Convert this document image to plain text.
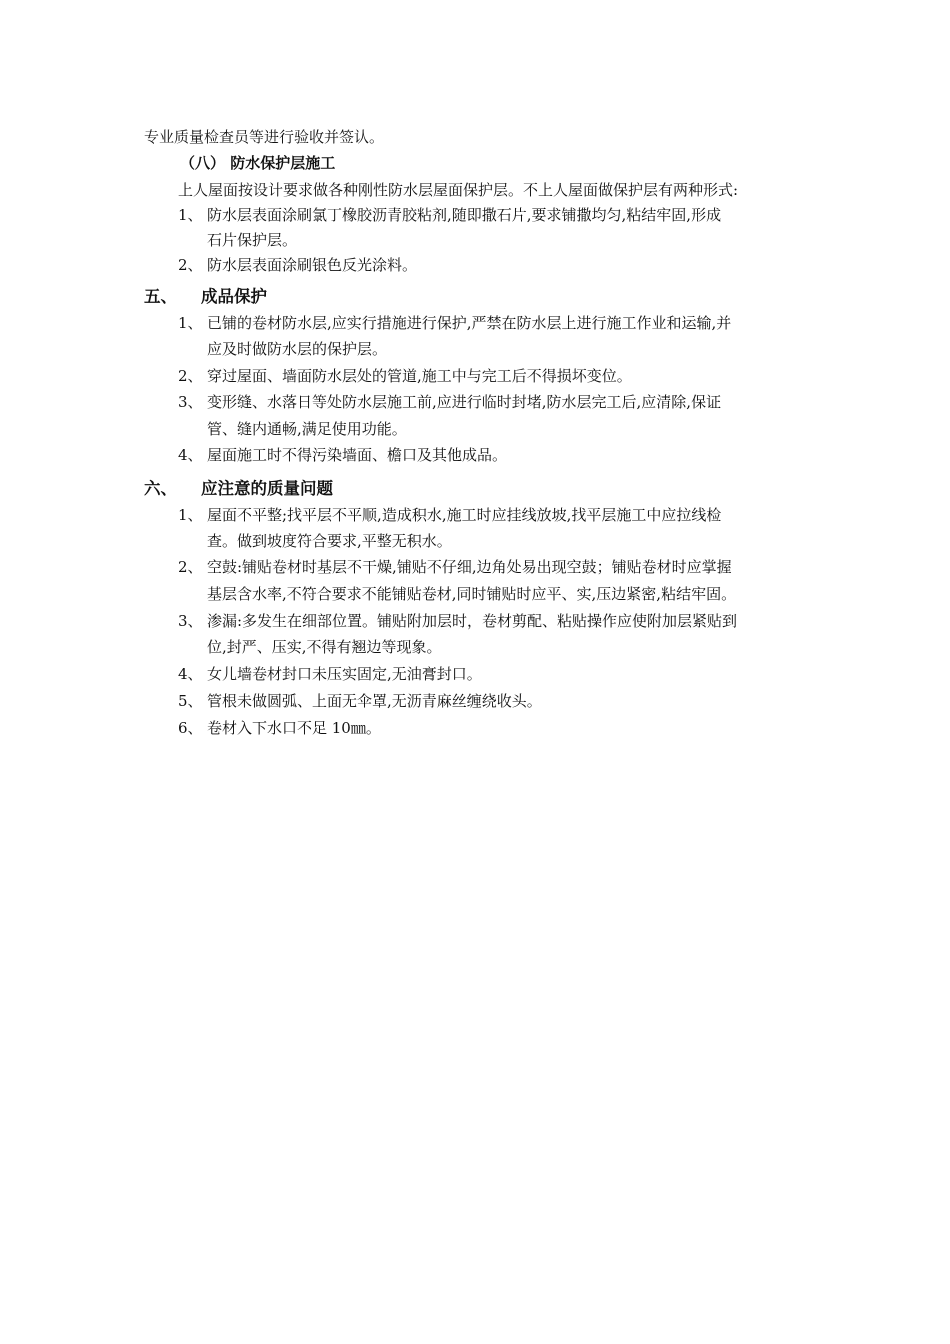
专业质量检查员等进行验收并签认。
（八） 防水保护层施工
上人屋面按设计要求做各种刚性防水层屋面保护层。不上人屋面做保护层有两种形式:
1、 防水层表面涂刷氯丁橡胶沥青胶粘剂,随即撒石片,要求铺撒均匀,粘结牢固,形成
石片保护层。
2、 防水层表面涂刷银色反光涂料。
五、 成品保护
1、 已铺的卷材防水层,应实行措施进行保护,严禁在防水层上进行施工作业和运输,并
应及时做防水层的保护层。
2、 穿过屋面、墙面防水层处的管道,施工中与完工后不得损坏变位。
3、 变形缝、水落日等处防水层施工前,应进行临时封堵,防水层完工后,应清除,保证
管、缝内通畅,满足使用功能。
4、 屋面施工时不得污染墙面、檐口及其他成品。
六、 应注意的质量问题
1、 屋面不平整;找平层不平顺,造成积水,施工时应挂线放坡,找平层施工中应拉线检
查。做到坡度符合要求,平整无积水。
2、 空鼓:铺贴卷材时基层不干燥,铺贴不仔细,边角处易出现空鼓；铺贴卷材时应掌握
基层含水率,不符合要求不能铺贴卷材,同时铺贴时应平、实,压边紧密,粘结牢固。
3、 渗漏:多发生在细部位置。铺贴附加层时，卷材剪配、粘贴操作应使附加层紧贴到
位,封严、压实,不得有翘边等现象。
4、 女儿墙卷材封口未压实固定,无油膏封口。
5、 管根未做圆弧、上面无伞罩,无沥青麻丝缠绕收头。
6、 卷材入下水口不足 10㎜。
